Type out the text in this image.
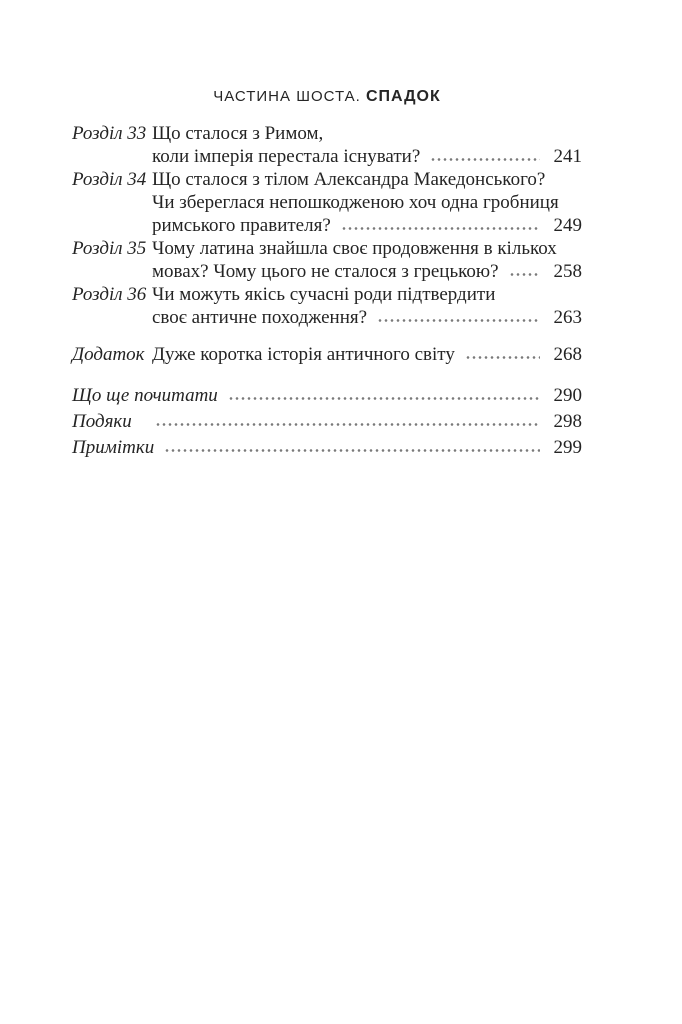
ЧАСТИНА ШОСТА. СПАДОК
Розділ 33 Що сталося з Римом,
коли імперія перестала існувати?	241
Розділ 34 Що сталося з тілом Александра Македонського?
Чи збереглася непошкодженою хоч одна гробниця
римського правителя?	249
Розділ 35 Чому латина знайшла своє продовження в кількох
мовах? Чому цього не сталося з грецькою?	258
Розділ 36 Чи можуть якісь сучасні роди підтвердити
своє античне походження?	263
Додаток Дуже коротка історія античного світу	268
Що ще почитати	290
Подяки	298
Примітки	299
